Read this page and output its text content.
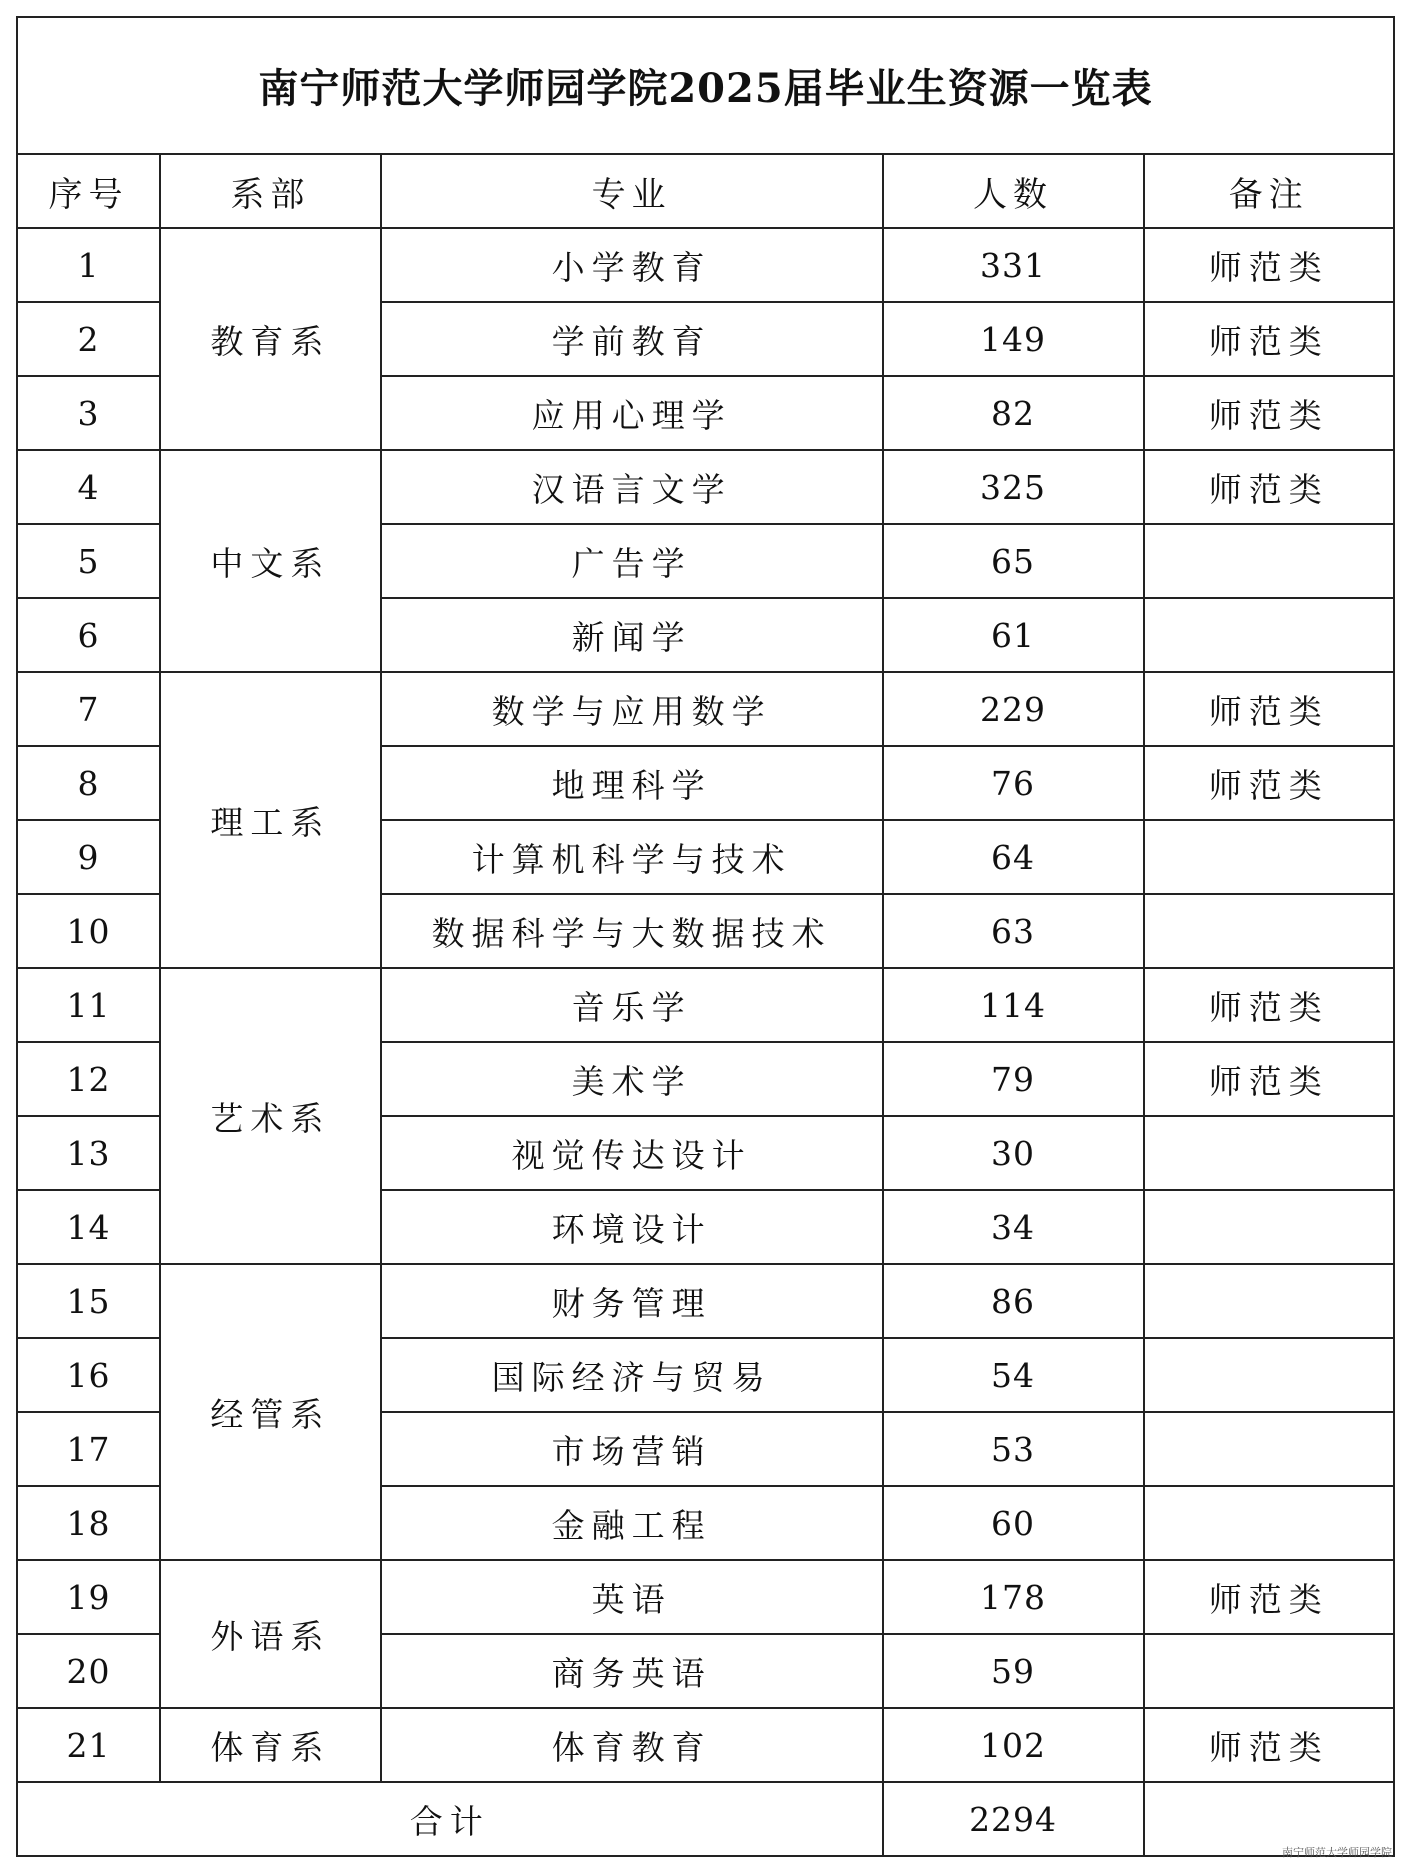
南宁师范大学师园学院2025届毕业生资源一览表				
序号	系部	专业	人数	备注
1	教育系	小学教育	331	师范类
2		学前教育	149	师范类
3		应用心理学	82	师范类
4	中文系	汉语言文学	325	师范类
5		广告学	65	
6		新闻学	61	
7	理工系	数学与应用数学	229	师范类
8		地理科学	76	师范类
9		计算机科学与技术	64	
10		数据科学与大数据技术	63	
11	艺术系	音乐学	114	师范类
12		美术学	79	师范类
13		视觉传达设计	30	
14		环境设计	34	
15	经管系	财务管理	86	
16		国际经济与贸易	54	
17		市场营销	53	
18		金融工程	60	
19	外语系	英语	178	师范类
20		商务英语	59	
21	体育系	体育教育	102	师范类
合计			2294	
南宁师范大学师园学院
